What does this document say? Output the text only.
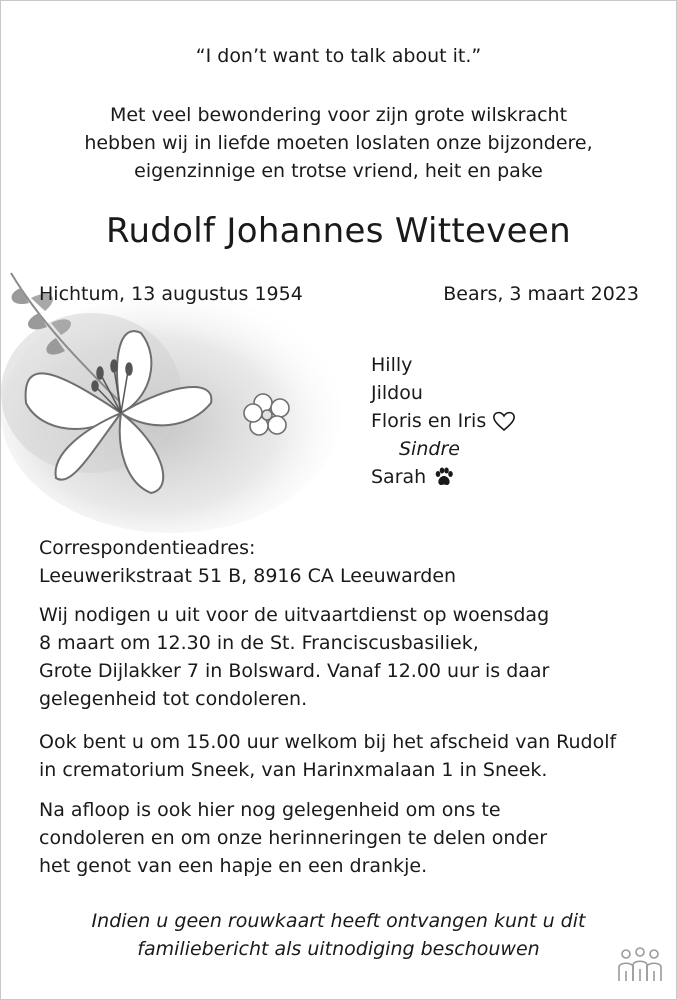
“I don’t want to talk about it.”
Met veel bewondering voor zijn grote wilskracht
hebben wij in liefde moeten loslaten onze bijzondere,
eigenzinnige en trotse vriend, heit en pake
Rudolf Johannes Witteveen
Hichtum, 13 augustus 1954	Bears, 3 maart 2023
Hilly
Jildou
Floris en Iris
Sindre
Sarah
Correspondentieadres:
Leeuwerikstraat 51 B, 8916 CA Leeuwarden
Wij nodigen u uit voor de uitvaartdienst op woensdag
8 maart om 12.30 in de St. Franciscusbasiliek,
Grote Dijlakker 7 in Bolsward. Vanaf 12.00 uur is daar
gelegenheid tot condoleren.
Ook bent u om 15.00 uur welkom bij het afscheid van Rudolf
in crematorium Sneek, van Harinxmalaan 1 in Sneek.
Na afloop is ook hier nog gelegenheid om ons te
condoleren en om onze herinneringen te delen onder
het genot van een hapje en een drankje.
Indien u geen rouwkaart heeft ontvangen kunt u dit
familiebericht als uitnodiging beschouwen
